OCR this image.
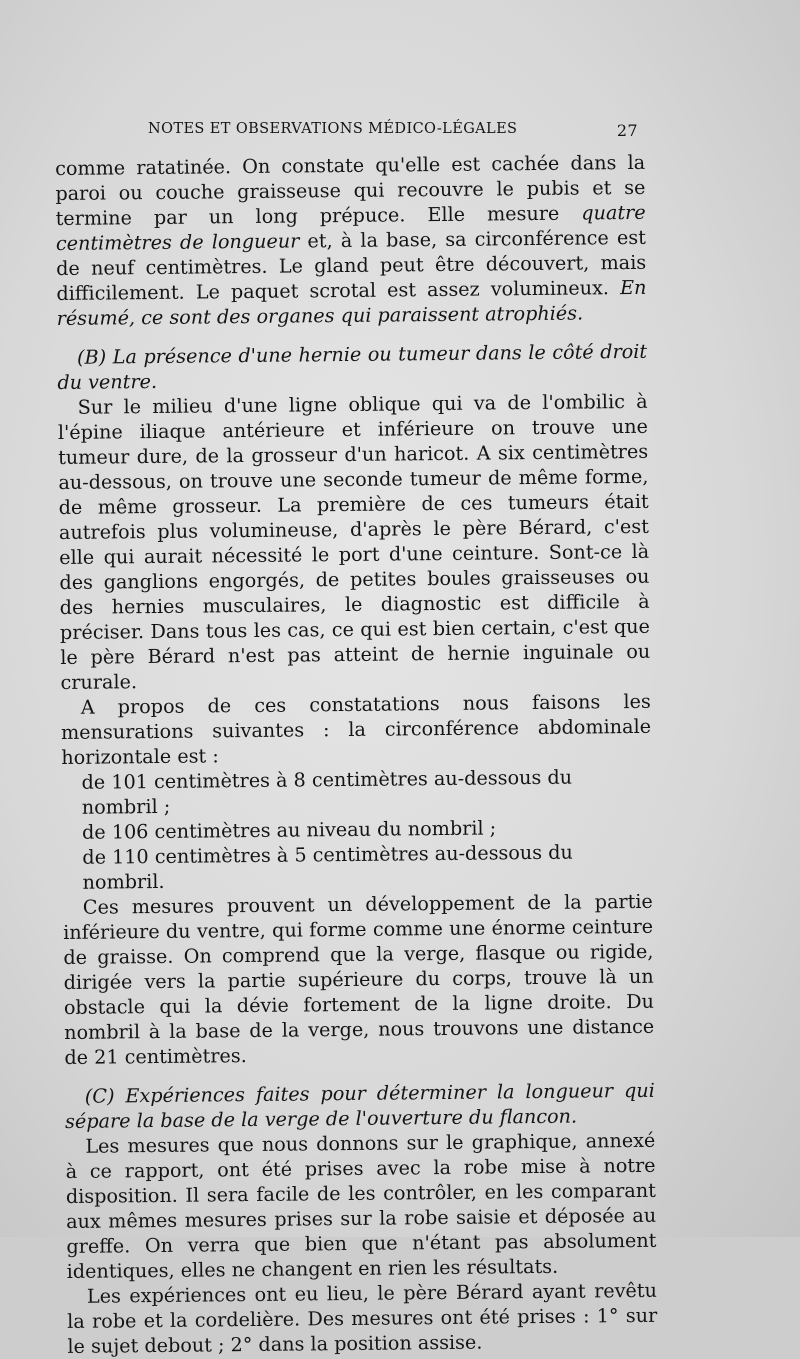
NOTES ET OBSERVATIONS MÉDICO-LÉGALES	27

comme ratatinée. On constate qu'elle est cachée dans la paroi ou couche graisseuse qui recouvre le pubis et se termine par un long prépuce. Elle mesure quatre centimètres de longueur et, à la base, sa circonférence est de neuf centimètres. Le gland peut être découvert, mais difficilement. Le paquet scrotal est assez volumineux. En résumé, ce sont des organes qui paraissent atrophiés.

(B) La présence d'une hernie ou tumeur dans le côté droit du ventre.

Sur le milieu d'une ligne oblique qui va de l'ombilic à l'épine iliaque antérieure et inférieure on trouve une tumeur dure, de la grosseur d'un haricot. A six centimètres au-dessous, on trouve une seconde tumeur de même forme, de même grosseur. La première de ces tumeurs était autrefois plus volumineuse, d'après le père Bérard, c'est elle qui aurait nécessité le port d'une ceinture. Sont-ce là des ganglions engorgés, de petites boules graisseuses ou des hernies musculaires, le diagnostic est difficile à préciser. Dans tous les cas, ce qui est bien certain, c'est que le père Bérard n'est pas atteint de hernie inguinale ou crurale.

A propos de ces constatations nous faisons les mensurations suivantes : la circonférence abdominale horizontale est :

de 101 centimètres à 8 centimètres au-dessous du nombril ;

de 106 centimètres au niveau du nombril ;

de 110 centimètres à 5 centimètres au-dessous du nombril.

Ces mesures prouvent un développement de la partie inférieure du ventre, qui forme comme une énorme ceinture de graisse. On comprend que la verge, flasque ou rigide, dirigée vers la partie supérieure du corps, trouve là un obstacle qui la dévie fortement de la ligne droite. Du nombril à la base de la verge, nous trouvons une distance de 21 centimètres.

(C) Expériences faites pour déterminer la longueur qui sépare la base de la verge de l'ouverture du flancon.

Les mesures que nous donnons sur le graphique, annexé à ce rapport, ont été prises avec la robe mise à notre disposition. Il sera facile de les contrôler, en les comparant aux mêmes mesures prises sur la robe saisie et déposée au greffe. On verra que bien que n'étant pas absolument identiques, elles ne changent en rien les résultats.

Les expériences ont eu lieu, le père Bérard ayant revêtu la robe et la cordelière. Des mesures ont été prises : 1° sur le sujet debout ; 2° dans la position assise.
